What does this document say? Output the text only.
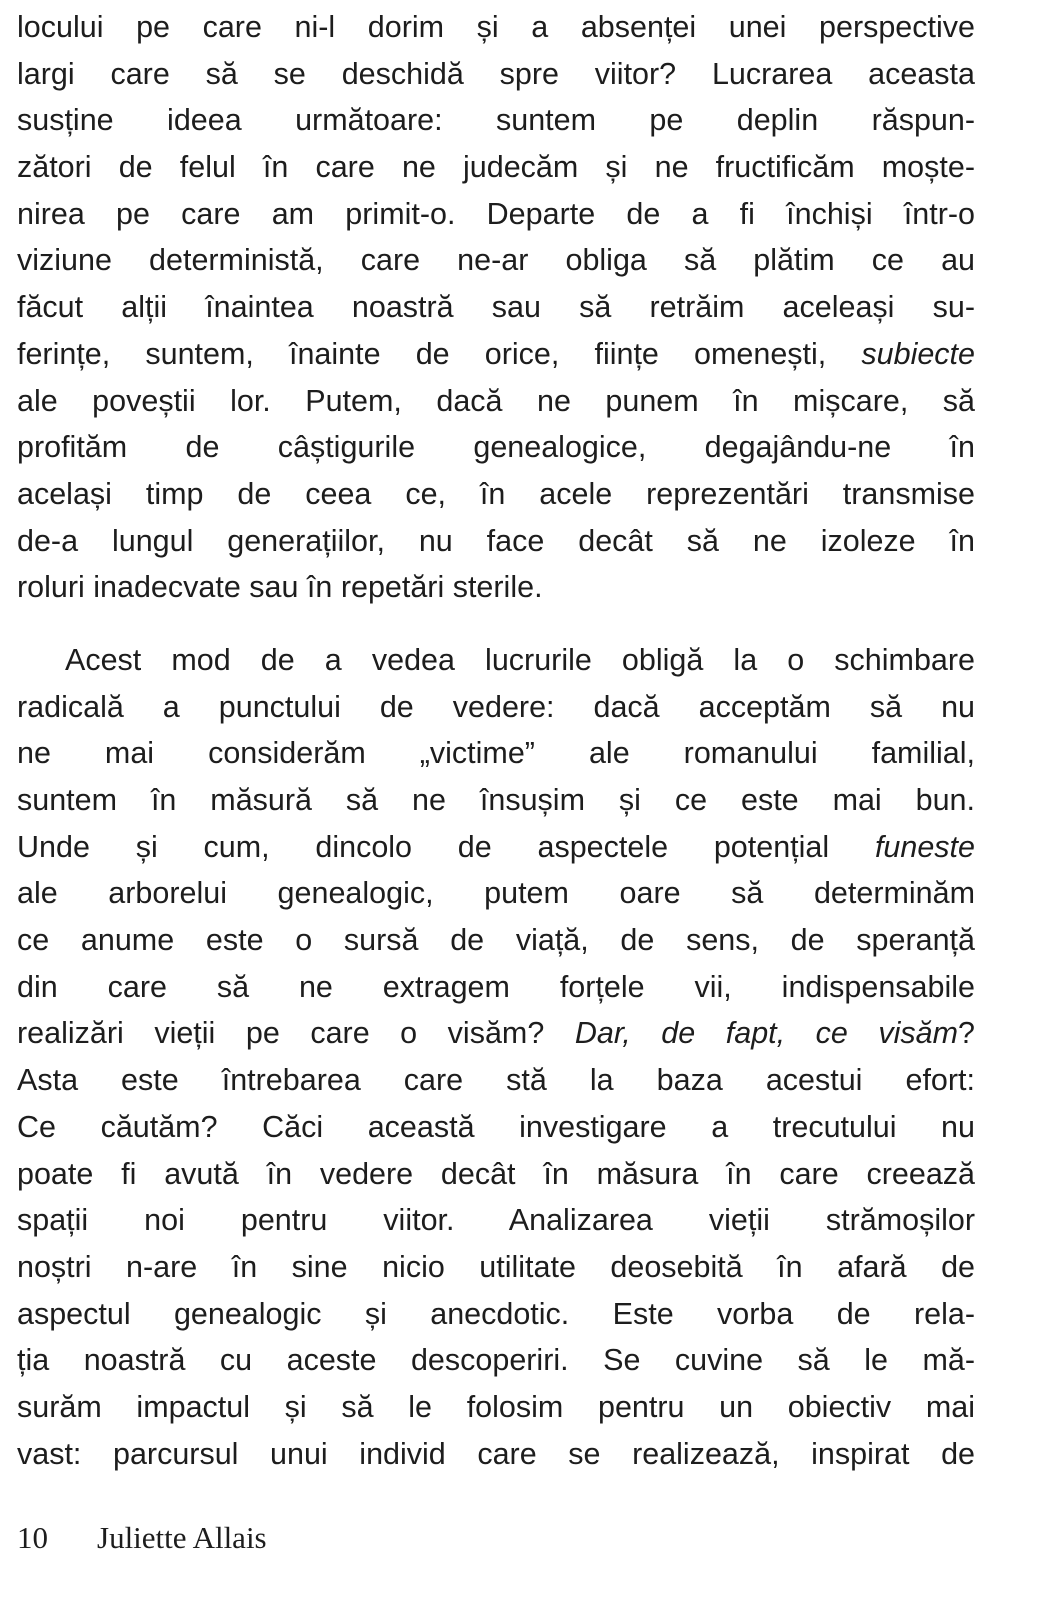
locului pe care ni-l dorim și a absenței unei perspective
largi care să se deschidă spre viitor? Lucrarea aceasta
susține ideea următoare: suntem pe deplin răspun-
zători de felul în care ne judecăm și ne fructificăm moște-
nirea pe care am primit-o. Departe de a fi închiși într-o
viziune deterministă, care ne-ar obliga să plătim ce au
făcut alții înaintea noastră sau să retrăim aceleași su-
ferințe, suntem, înainte de orice, ființe omenești, subiecte
ale poveștii lor. Putem, dacă ne punem în mișcare, să
profităm de câștigurile genealogice, degajându-ne în
același timp de ceea ce, în acele reprezentări transmise
de-a lungul generațiilor, nu face decât să ne izoleze în
roluri inadecvate sau în repetări sterile.
Acest mod de a vedea lucrurile obligă la o schimbare
radicală a punctului de vedere: dacă acceptăm să nu
ne mai considerăm „victime” ale romanului familial,
suntem în măsură să ne însușim și ce este mai bun.
Unde și cum, dincolo de aspectele potențial funeste
ale arborelui genealogic, putem oare să determinăm
ce anume este o sursă de viață, de sens, de speranță
din care să ne extragem forțele vii, indispensabile
realizări vieții pe care o visăm? Dar, de fapt, ce visăm?
Asta este întrebarea care stă la baza acestui efort:
Ce căutăm? Căci această investigare a trecutului nu
poate fi avută în vedere decât în măsura în care creează
spații noi pentru viitor. Analizarea vieții strămoșilor
noștri n-are în sine nicio utilitate deosebită în afară de
aspectul genealogic și anecdotic. Este vorba de rela-
ția noastră cu aceste descoperiri. Se cuvine să le mă-
surăm impactul și să le folosim pentru un obiectiv mai
vast: parcursul unui individ care se realizează, inspirat de
10 Juliette Allais
